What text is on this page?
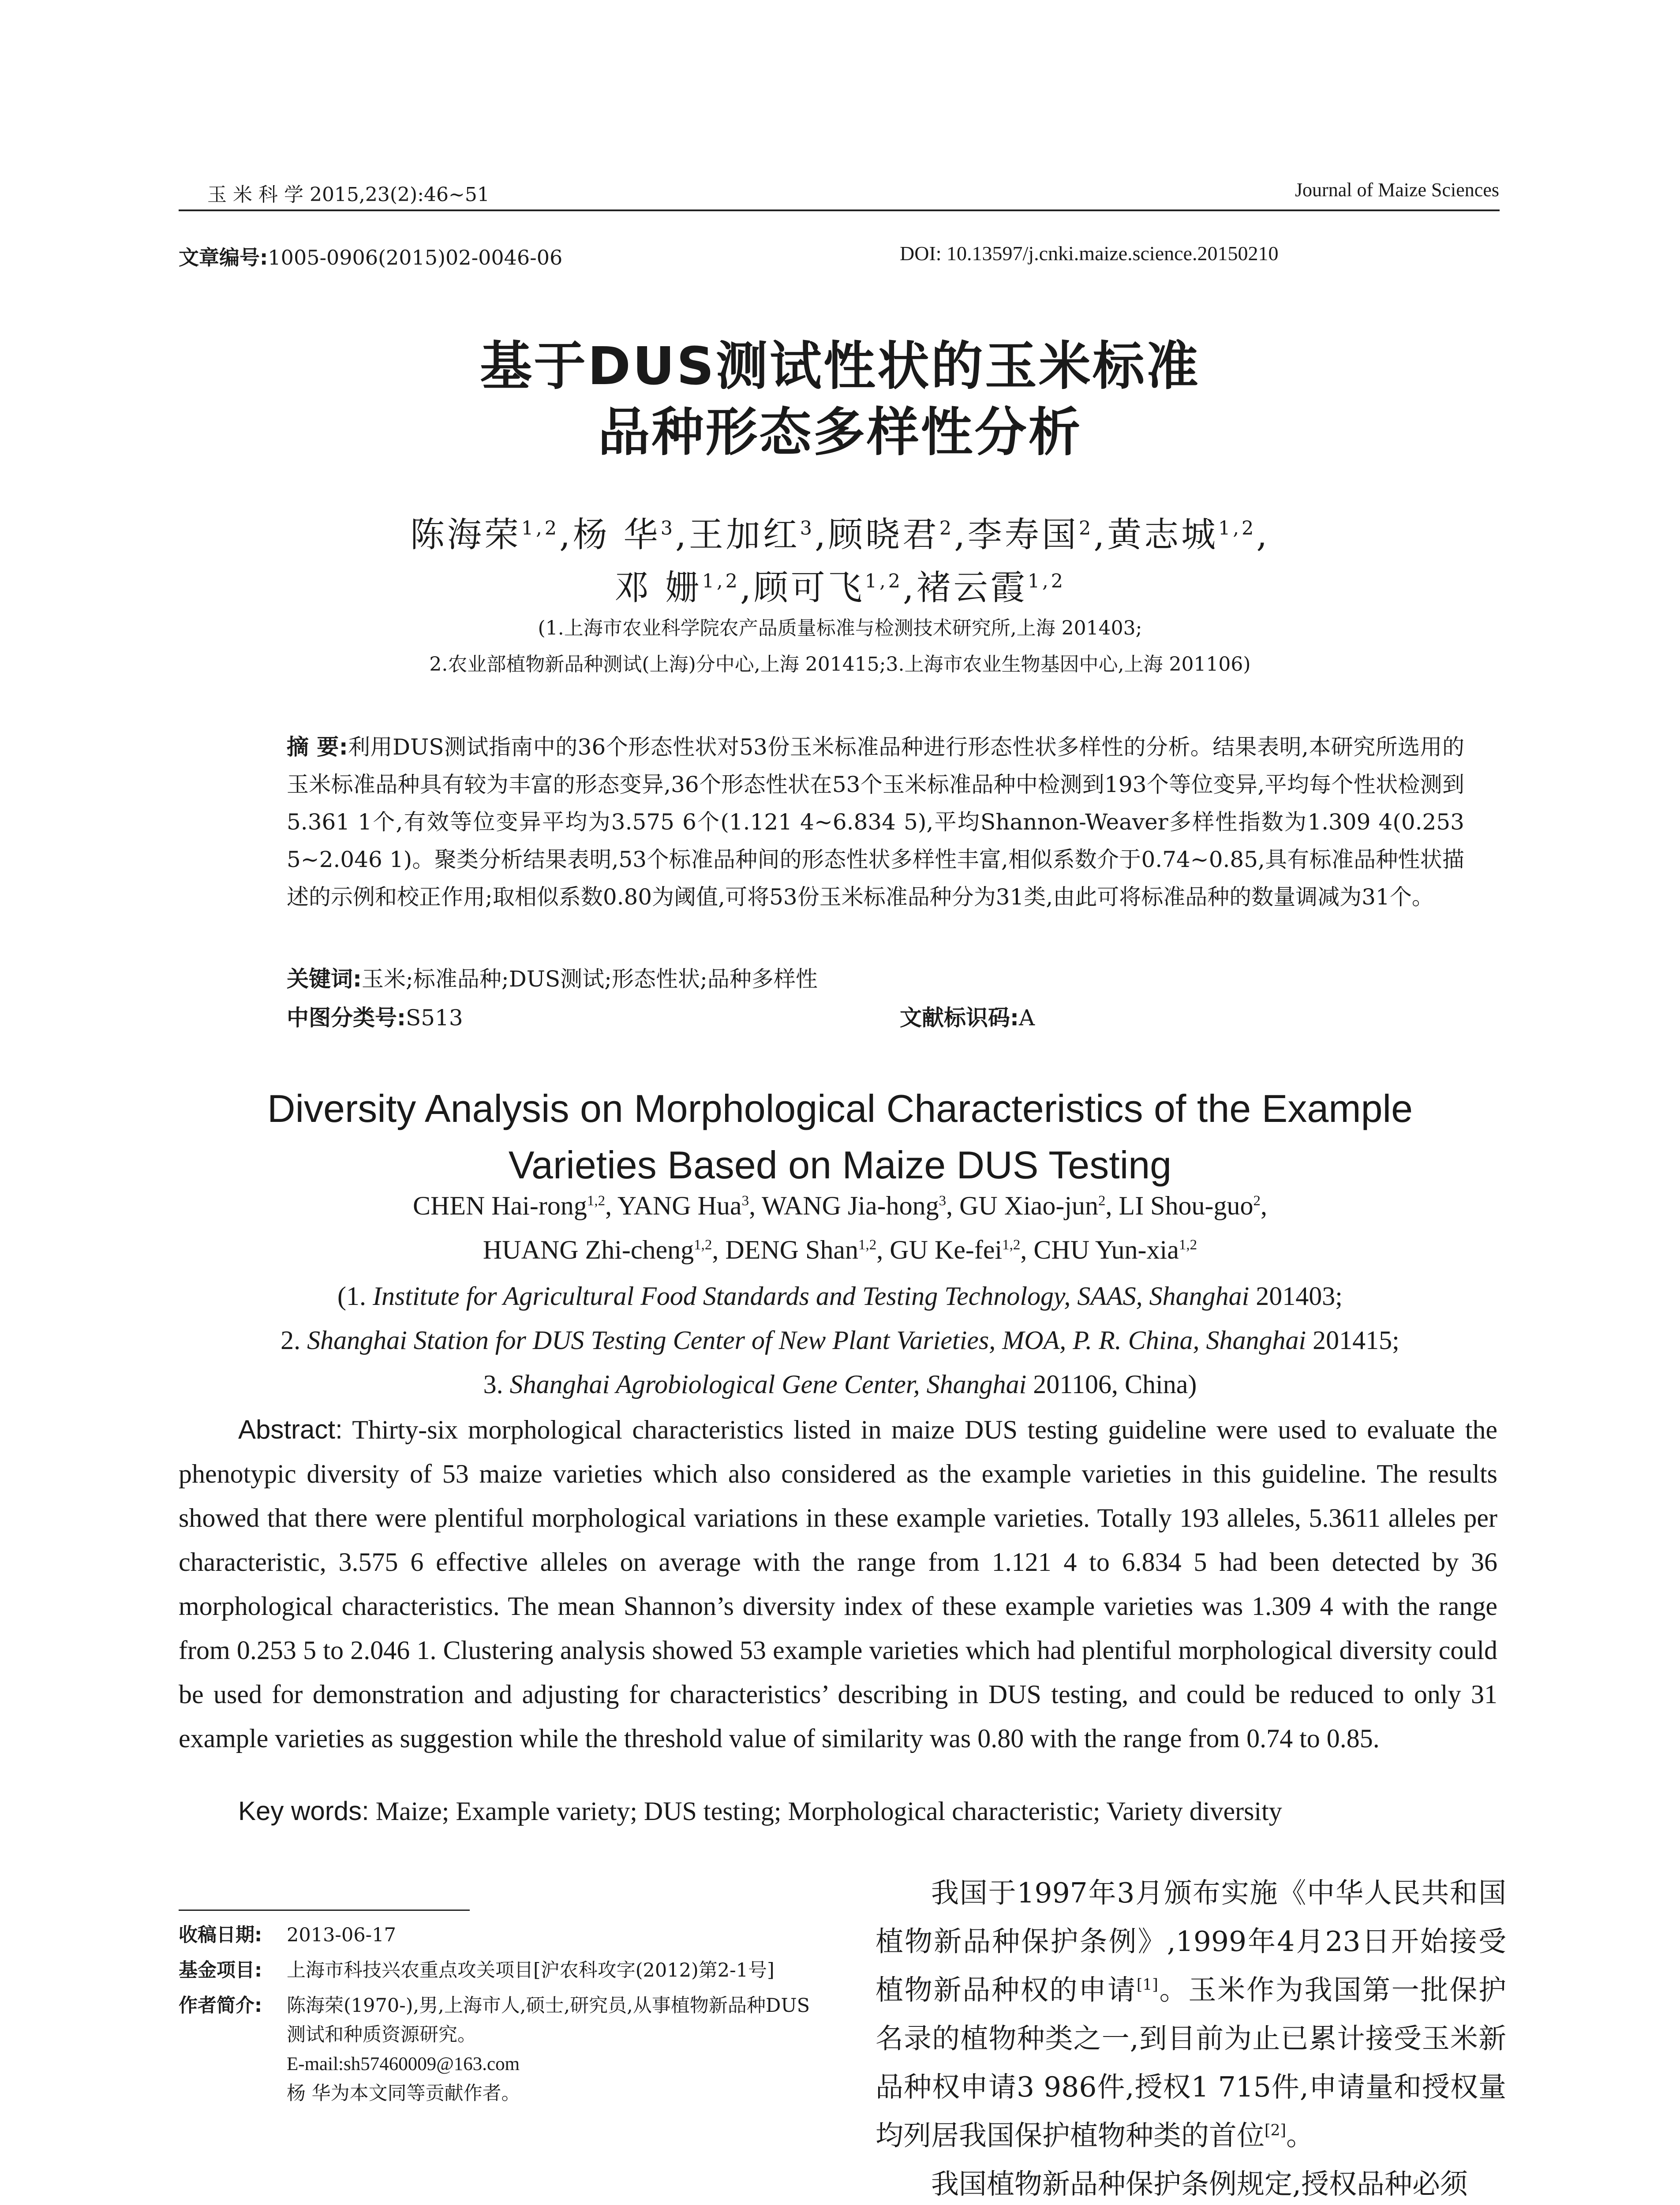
玉 米 科 学 2015,23(2):46~51	Journal of Maize Sciences
文章编号:1005-0906(2015)02-0046-06	DOI: 10.13597/j.cnki.maize.science.20150210
基于DUS测试性状的玉米标准
品种形态多样性分析
陈海荣$^{1,2}$,杨 华$^3$,王加红$^3$,顾晓君$^2$,李寿国$^2$,黄志城$^{1,2}$,
邓 姗$^{1,2}$,顾可飞$^{1,2}$,褚云霞$^{1,2}$
(1.上海市农业科学院农产品质量标准与检测技术研究所,上海 201403;
2.农业部植物新品种测试(上海)分中心,上海 201415;3.上海市农业生物基因中心,上海 201106)
摘 要:利用DUS测试指南中的36个形态性状对53份玉米标准品种进行形态性状多样性的分析。结果表明,本研究所选用的玉米标准品种具有较为丰富的形态变异,36个形态性状在53个玉米标准品种中检测到193个等位变异,平均每个性状检测到5.361 1个,有效等位变异平均为3.575 6个(1.121 4~6.834 5),平均Shannon-Weaver多样性指数为1.309 4(0.253 5~2.046 1)。聚类分析结果表明,53个标准品种间的形态性状多样性丰富,相似系数介于0.74~0.85,具有标准品种性状描述的示例和校正作用;取相似系数0.80为阈值,可将53份玉米标准品种分为31类,由此可将标准品种的数量调减为31个。
关键词:玉米;标准品种;DUS测试;形态性状;品种多样性
中图分类号:S513	文献标识码:A
Diversity Analysis on Morphological Characteristics of the Example
Varieties Based on Maize DUS Testing
CHEN Hai-rong$^{1,2}$, YANG Hua$^3$, WANG Jia-hong$^3$, GU Xiao-jun$^2$, LI Shou-guo$^2$,
HUANG Zhi-cheng$^{1,2}$, DENG Shan$^{1,2}$, GU Ke-fei$^{1,2}$, CHU Yun-xia$^{1,2}$
(1. Institute for Agricultural Food Standards and Testing Technology, SAAS, Shanghai 201403;
2. Shanghai Station for DUS Testing Center of New Plant Varieties, MOA, P. R. China, Shanghai 201415;
3. Shanghai Agrobiological Gene Center, Shanghai 201106, China)
Abstract: Thirty-six morphological characteristics listed in maize DUS testing guideline were used to evaluate the phenotypic diversity of 53 maize varieties which also considered as the example varieties in this guideline. The results showed that there were plentiful morphological variations in these example varieties. Totally 193 alleles, 5.3611 alleles per characteristic, 3.575 6 effective alleles on average with the range from 1.121 4 to 6.834 5 had been detected by 36 morphological characteristics. The mean Shannon’s diversity index of these example varieties was 1.309 4 with the range from 0.253 5 to 2.046 1. Clustering analysis showed 53 example varieties which had plentiful morphological diversity could be used for demonstration and adjusting for characteristics’ describing in DUS testing, and could be reduced to only 31 example varieties as suggestion while the threshold value of similarity was 0.80 with the range from 0.74 to 0.85.
Key words: Maize; Example variety; DUS testing; Morphological characteristic; Variety diversity
收稿日期:	2013-06-17
基金项目:	上海市科技兴农重点攻关项目[沪农科攻字(2012)第2-1号]
作者简介:	陈海荣(1970-),男,上海市人,硕士,研究员,从事植物新品种DUS测试和种质资源研究。
E-mail:sh57460009@163.com
杨 华为本文同等贡献作者。

我国于1997年3月颁布实施《中华人民共和国植物新品种保护条例》,1999年4月23日开始接受植物新品种权的申请[1]。玉米作为我国第一批保护名录的植物种类之一,到目前为止已累计接受玉米新品种权申请3 986件,授权1 715件,申请量和授权量均列居我国保护植物种类的首位[2]。

我国植物新品种保护条例规定,授权品种必须
